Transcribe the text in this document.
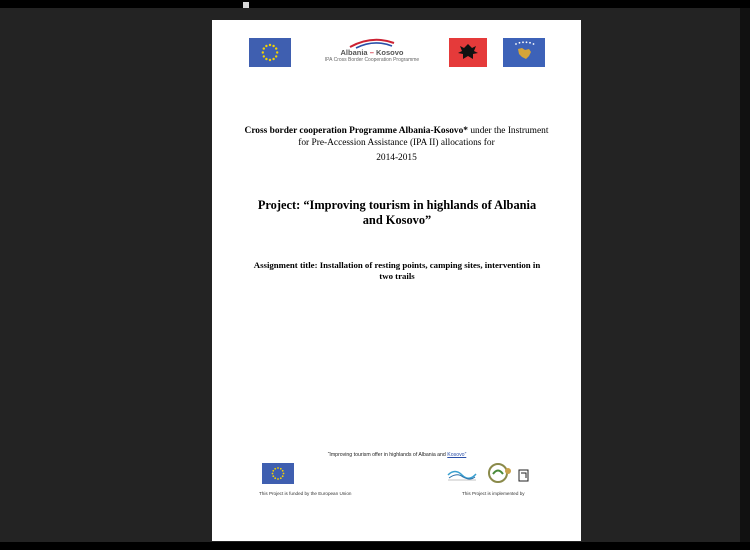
Albania – Kosovo
IPA Cross Border Cooperation Programme
Cross border cooperation Programme Albania-Kosovo* under the Instrument for Pre-Accession Assistance (IPA II) allocations for
2014-2015
Project: “Improving tourism in highlands of Albania and Kosovo”
Assignment title: Installation of resting points, camping sites, intervention in two trails
“Improving tourism offer in highlands of Albania and Kosovo”
This Project is funded by the European Union	This Project is implemented by
